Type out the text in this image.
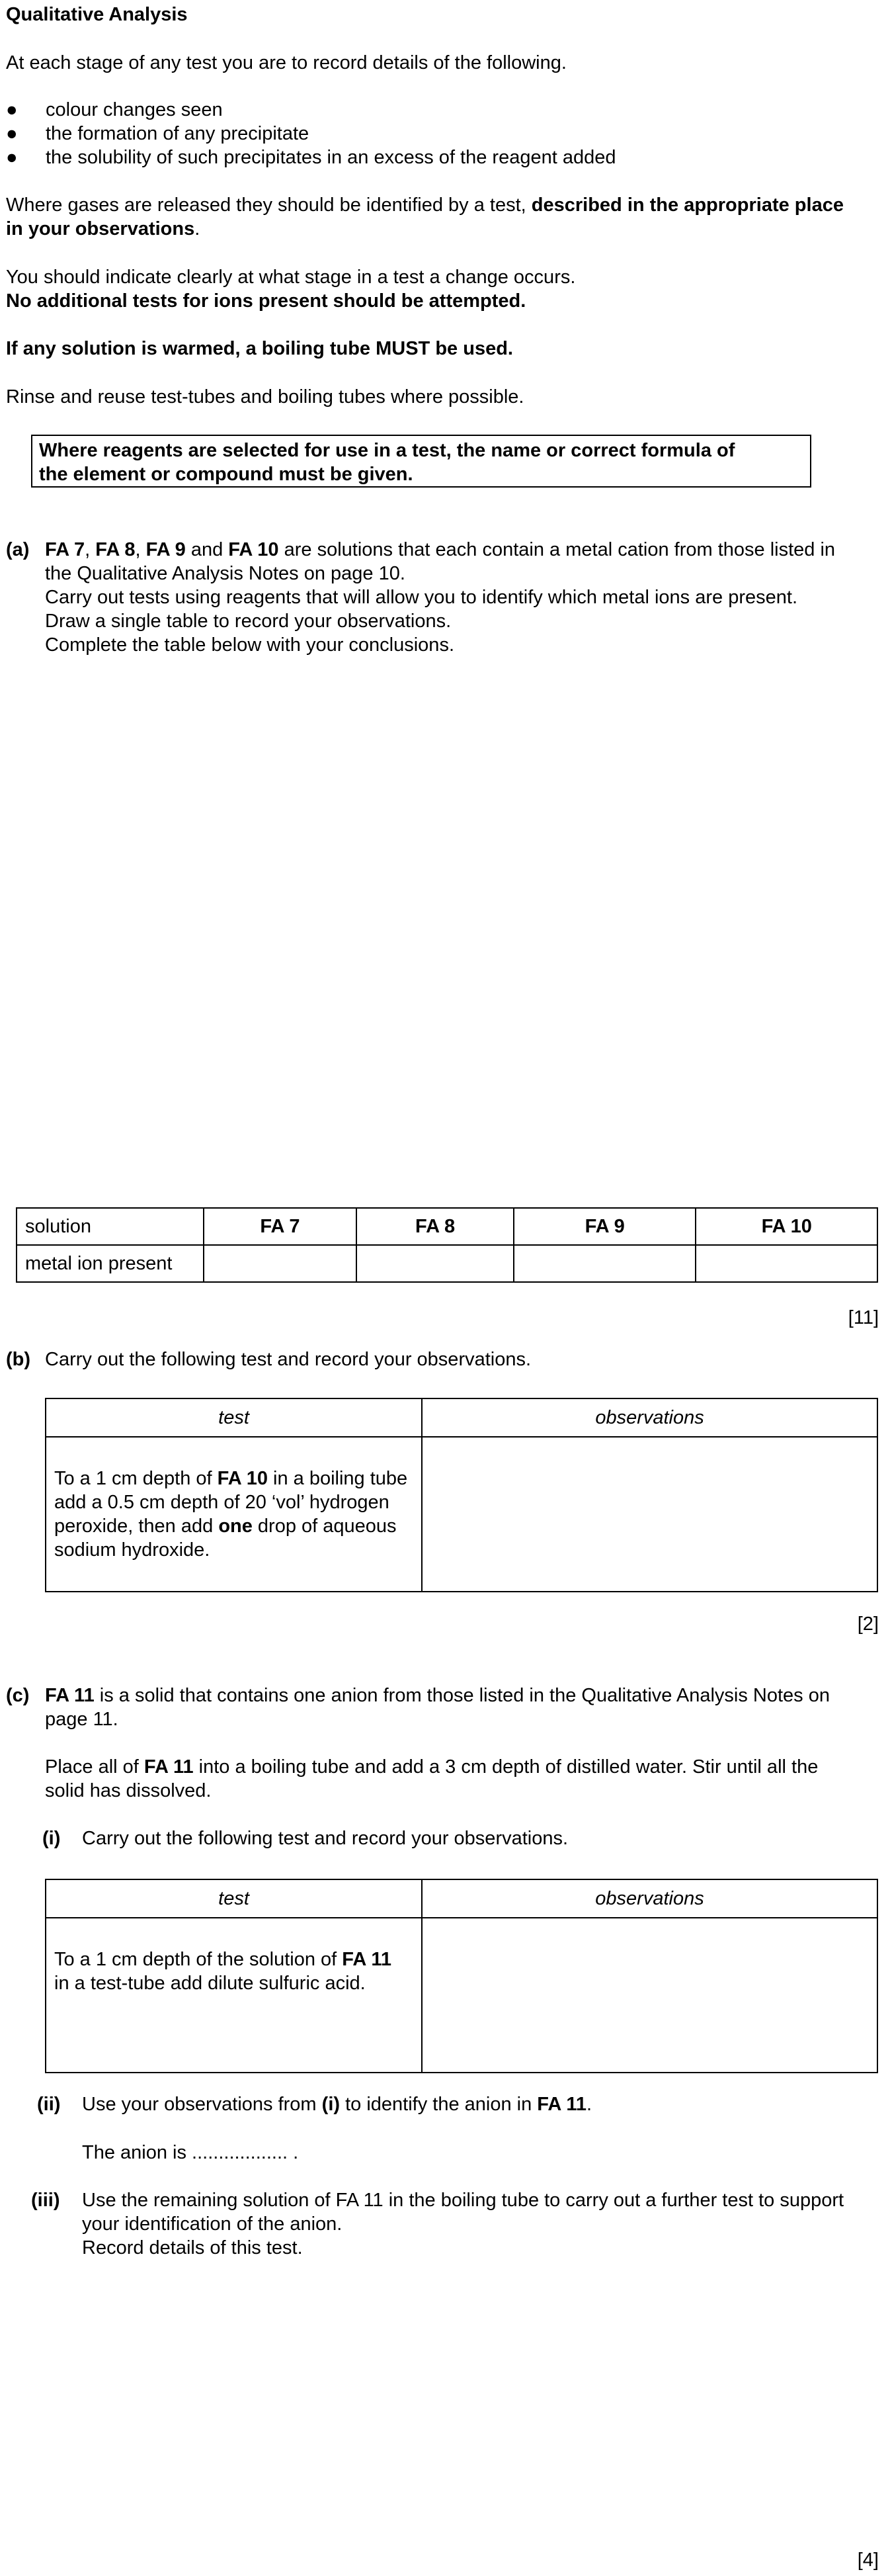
Qualitative Analysis
At each stage of any test you are to record details of the following.
● colour changes seen
● the formation of any precipitate
● the solubility of such precipitates in an excess of the reagent added
Where gases are released they should be identified by a test, described in the appropriate place
in your observations.
You should indicate clearly at what stage in a test a change occurs.
No additional tests for ions present should be attempted.
If any solution is warmed, a boiling tube MUST be used.
Rinse and reuse test-tubes and boiling tubes where possible.
Where reagents are selected for use in a test, the name or correct formula of
the element or compound must be given.
(a) FA 7, FA 8, FA 9 and FA 10 are solutions that each contain a metal cation from those listed in
the Qualitative Analysis Notes on page 10.
Carry out tests using reagents that will allow you to identify which metal ions are present.
Draw a single table to record your observations.
Complete the table below with your conclusions.
solution	FA 7	FA 8	FA 9	FA 10
metal ion present				
[11]
(b) Carry out the following test and record your observations.
test	observations

To a 1 cm depth of FA 10 in a boiling tube
add a 0.5 cm depth of 20 ‘vol’ hydrogen
peroxide, then add one drop of aqueous
sodium hydroxide.	

[2]
(c) FA 11 is a solid that contains one anion from those listed in the Qualitative Analysis Notes on
page 11.
Place all of FA 11 into a boiling tube and add a 3 cm depth of distilled water. Stir until all the
solid has dissolved.
(i) Carry out the following test and record your observations.
test	observations

To a 1 cm depth of the solution of FA 11
in a test-tube add dilute sulfuric acid.	

(ii) Use your observations from (i) to identify the anion in FA 11.
The anion is .................. .
(iii) Use the remaining solution of FA 11 in the boiling tube to carry out a further test to support
your identification of the anion.
Record details of this test.
[4]
